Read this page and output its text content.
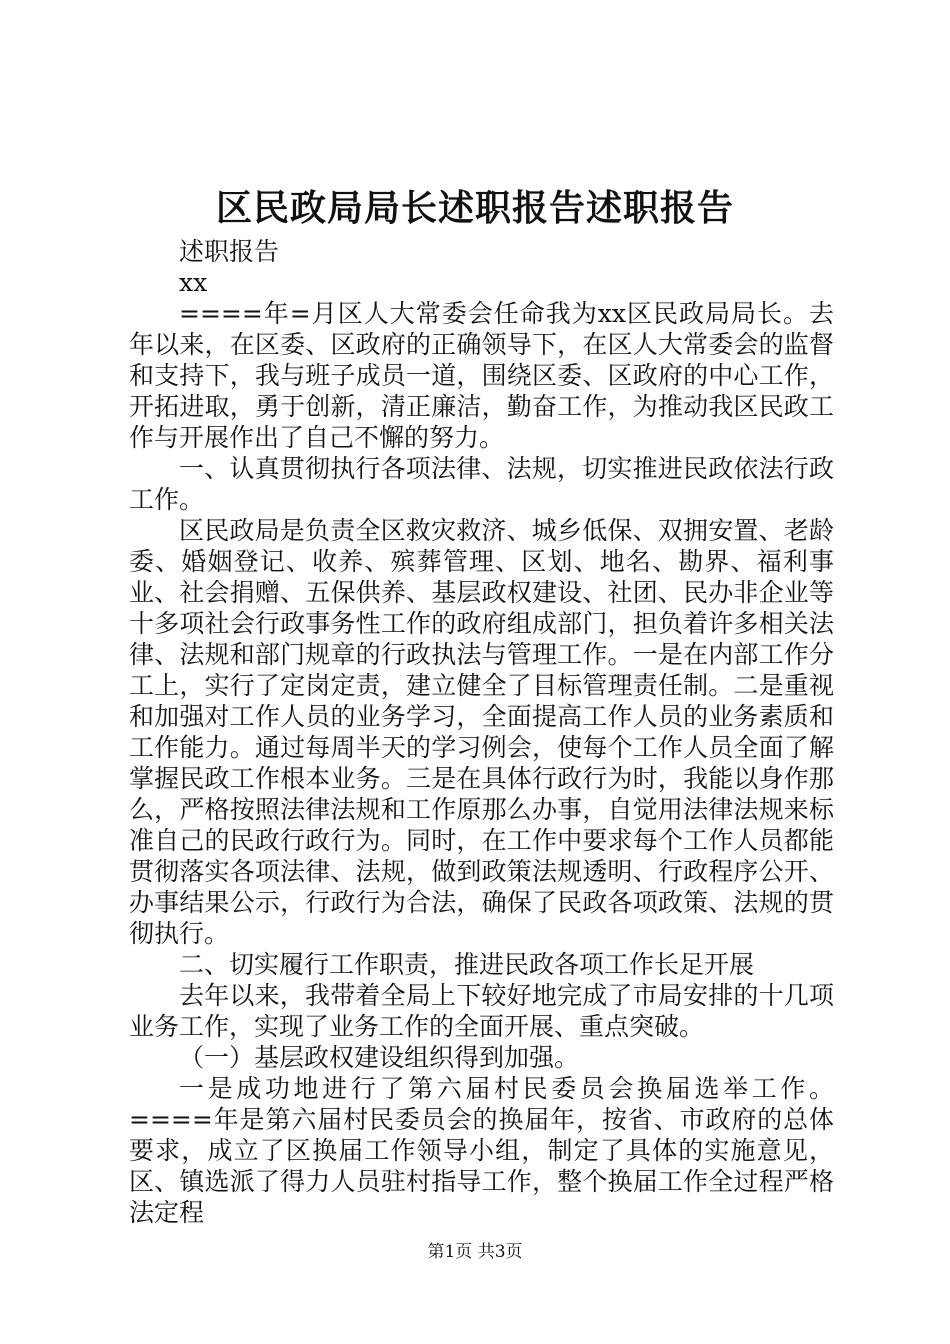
区民政局局长述职报告述职报告

述职报告

xx

====年=月区人大常委会任命我为xx区民政局局长。去年以来，在区委、区政府的正确领导下，在区人大常委会的监督和支持下，我与班子成员一道，围绕区委、区政府的中心工作，开拓进取，勇于创新，清正廉洁，勤奋工作，为推动我区民政工作与开展作出了自己不懈的努力。

一、认真贯彻执行各项法律、法规，切实推进民政依法行政工作。

区民政局是负责全区救灾救济、城乡低保、双拥安置、老龄委、婚姻登记、收养、殡葬管理、区划、地名、勘界、福利事业、社会捐赠、五保供养、基层政权建设、社团、民办非企业等十多项社会行政事务性工作的政府组成部门，担负着许多相关法律、法规和部门规章的行政执法与管理工作。一是在内部工作分工上，实行了定岗定责，建立健全了目标管理责任制。二是重视和加强对工作人员的业务学习，全面提高工作人员的业务素质和工作能力。通过每周半天的学习例会，使每个工作人员全面了解掌握民政工作根本业务。三是在具体行政行为时，我能以身作那么，严格按照法律法规和工作原那么办事，自觉用法律法规来标准自己的民政行政行为。同时，在工作中要求每个工作人员都能贯彻落实各项法律、法规，做到政策法规透明、行政程序公开、办事结果公示，行政行为合法，确保了民政各项政策、法规的贯彻执行。

二、切实履行工作职责，推进民政各项工作长足开展

去年以来，我带着全局上下较好地完成了市局安排的十几项业务工作，实现了业务工作的全面开展、重点突破。

（一）基层政权建设组织得到加强。

一是成功地进行了第六届村民委员会换届选举工作。====年是第六届村民委员会的换届年，按省、市政府的总体要求，成立了区换届工作领导小组，制定了具体的实施意见，区、镇选派了得力人员驻村指导工作，整个换届工作全过程严格法定程

第1页 共3页
